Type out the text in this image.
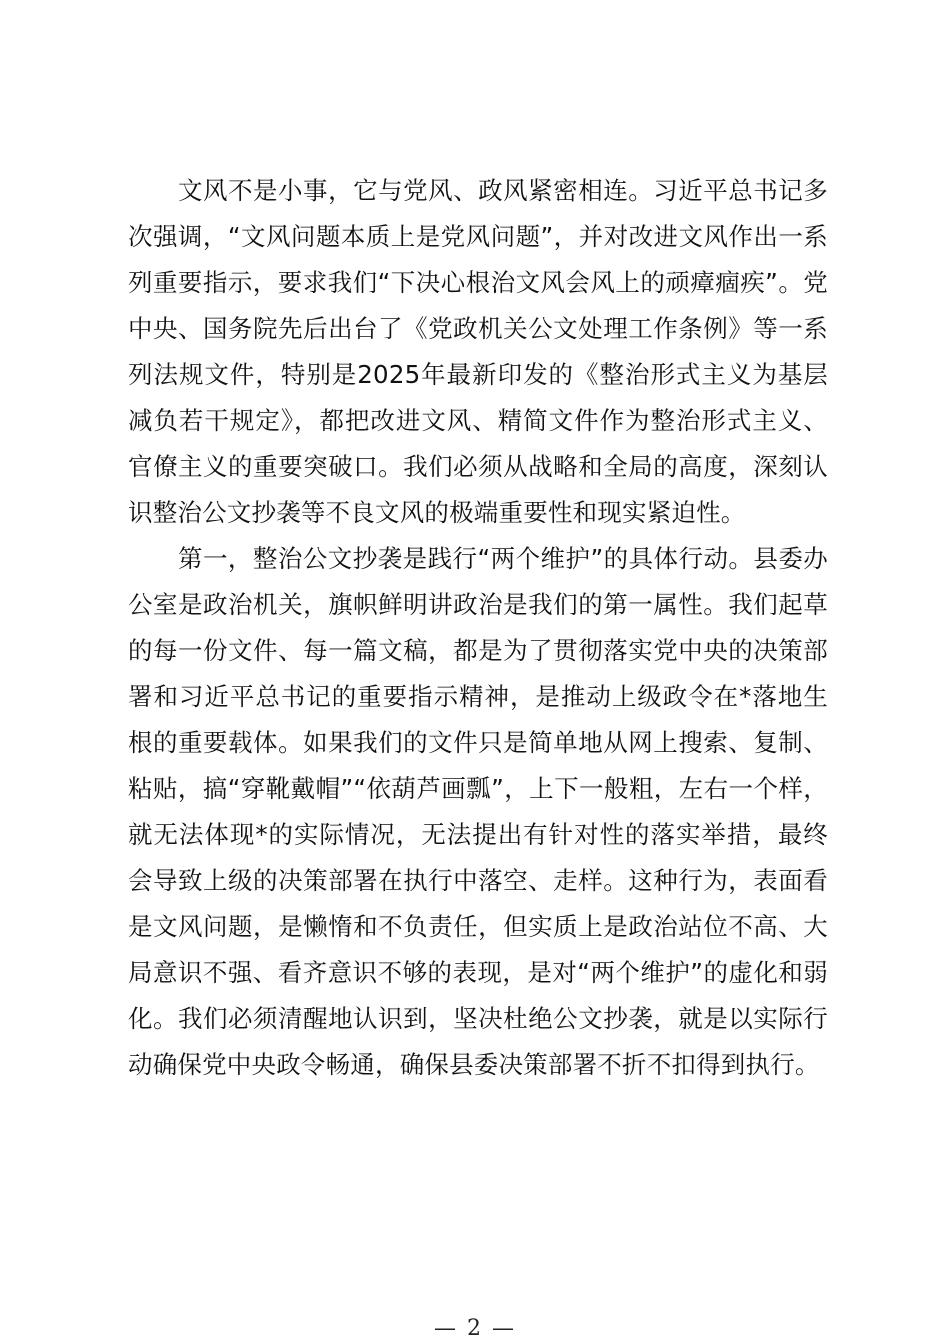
文风不是小事，它与党风、政风紧密相连。习近平总书记多次强调，“文风问题本质上是党风问题”，并对改进文风作出一系列重要指示，要求我们“下决心根治文风会风上的顽瘴痼疾”。党中央、国务院先后出台了《党政机关公文处理工作条例》等一系列法规文件，特别是2025年最新印发的《整治形式主义为基层减负若干规定》，都把改进文风、精简文件作为整治形式主义、官僚主义的重要突破口。我们必须从战略和全局的高度，深刻认识整治公文抄袭等不良文风的极端重要性和现实紧迫性。

第一，整治公文抄袭是践行“两个维护”的具体行动。县委办公室是政治机关，旗帜鲜明讲政治是我们的第一属性。我们起草的每一份文件、每一篇文稿，都是为了贯彻落实党中央的决策部署和习近平总书记的重要指示精神，是推动上级政令在*落地生根的重要载体。如果我们的文件只是简单地从网上搜索、复制、粘贴，搞“穿靴戴帽”“依葫芦画瓢”，上下一般粗，左右一个样，就无法体现*的实际情况，无法提出有针对性的落实举措，最终会导致上级的决策部署在执行中落空、走样。这种行为，表面看是文风问题，是懒惰和不负责任，但实质上是政治站位不高、大局意识不强、看齐意识不够的表现，是对“两个维护”的虚化和弱化。我们必须清醒地认识到，坚决杜绝公文抄袭，就是以实际行动确保党中央政令畅通，确保县委决策部署不折不扣得到执行。

— 2 —
